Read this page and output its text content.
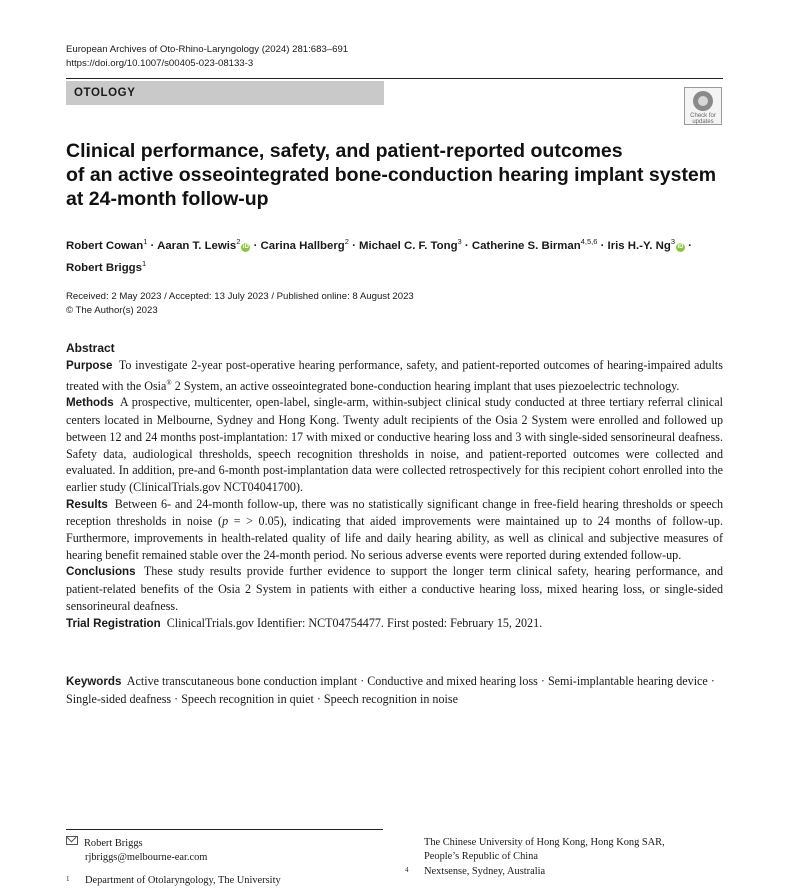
European Archives of Oto-Rhino-Laryngology (2024) 281:683–691
https://doi.org/10.1007/s00405-023-08133-3
OTOLOGY
Check for
updates
Clinical performance, safety, and patient-reported outcomes
of an active osseointegrated bone-conduction hearing implant system
at 24-month follow-up
Robert Cowan$^1$ · Aaran T. Lewis$^2$iD · Carina Hallberg$^2$ · Michael C. F. Tong$^3$ · Catherine S. Birman$^{4,5,6}$ · Iris H.-Y. $Ng^3iD$ ·
Robert Briggs$^1$
Received: 2 May 2023 / Accepted: 13 July 2023 / Published online: 8 August 2023
© The Author(s) 2023
Abstract

Purpose To investigate 2-year post-operative hearing performance, safety, and patient-reported outcomes of hearing-impaired adults treated with the Osia® 2 System, an active osseointegrated bone-conduction hearing implant that uses piezoelectric technology.

Methods A prospective, multicenter, open-label, single-arm, within-subject clinical study conducted at three tertiary referral clinical centers located in Melbourne, Sydney and Hong Kong. Twenty adult recipients of the Osia 2 System were enrolled and followed up between 12 and 24 months post-implantation: 17 with mixed or conductive hearing loss and 3 with single-sided sensorineural deafness. Safety data, audiological thresholds, speech recognition thresholds in noise, and patient-reported outcomes were collected and evaluated. In addition, pre-and 6-month post-implantation data were collected retrospectively for this recipient cohort enrolled into the earlier study (ClinicalTrials.gov NCT04041700).

Results Between 6- and 24-month follow-up, there was no statistically significant change in free-field hearing thresholds or speech reception thresholds in noise (p = > 0.05), indicating that aided improvements were maintained up to 24 months of follow-up. Furthermore, improvements in health-related quality of life and daily hearing ability, as well as clinical and subjective measures of hearing benefit remained stable over the 24-month period. No serious adverse events were reported during extended follow-up.

Conclusions These study results provide further evidence to support the longer term clinical safety, hearing performance, and patient-related benefits of the Osia 2 System in patients with either a conductive hearing loss, mixed hearing loss, or single-sided sensorineural deafness.

Trial Registration ClinicalTrials.gov Identifier: NCT04754477. First posted: February 15, 2021.

Keywords Active transcutaneous bone conduction implant · Conductive and mixed hearing loss · Semi-implantable hearing device · Single-sided deafness · Speech recognition in quiet · Speech recognition in noise
Robert Briggs
rjbriggs@melbourne-ear.com
1 Department of Otolaryngology, The University
The Chinese University of Hong Kong, Hong Kong SAR,
People’s Republic of China
4 Nextsense, Sydney, Australia
